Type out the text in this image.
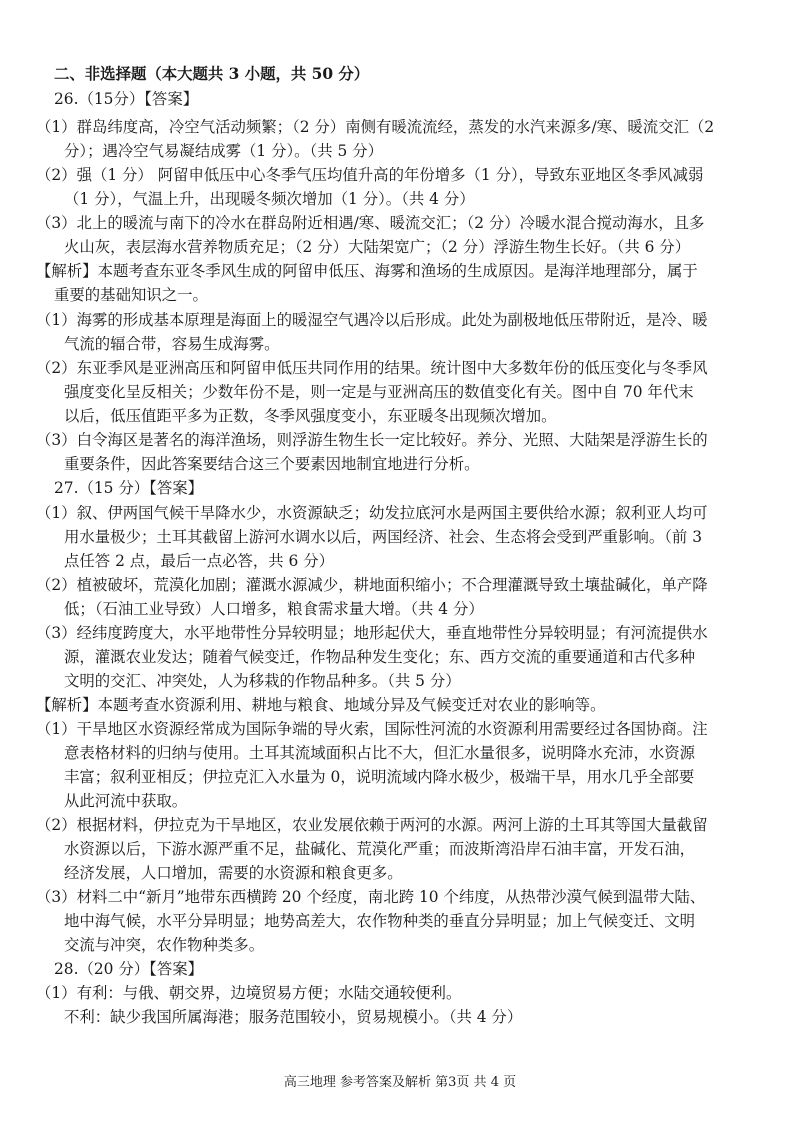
二、非选择题（本大题共 3 小题，共 50 分）
26.（15分）【答案】
（1）群岛纬度高，冷空气活动频繁；（2 分）南侧有暖流流经，蒸发的水汽来源多/寒、暖流交汇（2
分）；遇冷空气易凝结成雾（1 分）。（共 5 分）
（2）强（1 分） 阿留申低压中心冬季气压均值升高的年份增多（1 分），导致东亚地区冬季风减弱
（1 分），气温上升，出现暖冬频次增加（1 分）。（共 4 分）
（3）北上的暖流与南下的冷水在群岛附近相遇/寒、暖流交汇；（2 分）冷暖水混合搅动海水，且多
火山灰，表层海水营养物质充足；（2 分）大陆架宽广；（2 分）浮游生物生长好。（共 6 分）
【解析】本题考查东亚冬季风生成的阿留申低压、海雾和渔场的生成原因。是海洋地理部分，属于
重要的基础知识之一。
（1）海雾的形成基本原理是海面上的暖湿空气遇冷以后形成。此处为副极地低压带附近，是冷、暖
气流的辐合带，容易生成海雾。
（2）东亚季风是亚洲高压和阿留申低压共同作用的结果。统计图中大多数年份的低压变化与冬季风
强度变化呈反相关；少数年份不是，则一定是与亚洲高压的数值变化有关。图中自 70 年代末
以后，低压值距平多为正数，冬季风强度变小，东亚暖冬出现频次增加。
（3）白令海区是著名的海洋渔场，则浮游生物生长一定比较好。养分、光照、大陆架是浮游生长的
重要条件，因此答案要结合这三个要素因地制宜地进行分析。
27.（15 分）【答案】
（1）叙、伊两国气候干旱降水少，水资源缺乏；幼发拉底河水是两国主要供给水源；叙利亚人均可
用水量极少；土耳其截留上游河水调水以后，两国经济、社会、生态将会受到严重影响。（前 3
点任答 2 点，最后一点必答，共 6 分）
（2）植被破坏，荒漠化加剧；灌溉水源减少，耕地面积缩小；不合理灌溉导致土壤盐碱化，单产降
低；（石油工业导致）人口增多，粮食需求量大增。（共 4 分）
（3）经纬度跨度大，水平地带性分异较明显；地形起伏大，垂直地带性分异较明显；有河流提供水
源，灌溉农业发达；随着气候变迁，作物品种发生变化；东、西方交流的重要通道和古代多种
文明的交汇、冲突处，人为移栽的作物品种多。（共 5 分）
【解析】本题考查水资源利用、耕地与粮食、地域分异及气候变迁对农业的影响等。
（1）干旱地区水资源经常成为国际争端的导火索，国际性河流的水资源利用需要经过各国协商。注
意表格材料的归纳与使用。土耳其流域面积占比不大，但汇水量很多，说明降水充沛，水资源
丰富；叙利亚相反；伊拉克汇入水量为 0，说明流域内降水极少，极端干旱，用水几乎全部要
从此河流中获取。
（2）根据材料，伊拉克为干旱地区，农业发展依赖于两河的水源。两河上游的土耳其等国大量截留
水资源以后，下游水源严重不足，盐碱化、荒漠化严重；而波斯湾沿岸石油丰富，开发石油，
经济发展，人口增加，需要的水资源和粮食更多。
（3）材料二中“新月”地带东西横跨 20 个经度，南北跨 10 个纬度，从热带沙漠气候到温带大陆、
地中海气候，水平分异明显；地势高差大，农作物种类的垂直分异明显；加上气候变迁、文明
交流与冲突，农作物种类多。
28.（20 分）【答案】
（1）有利：与俄、朝交界，边境贸易方便；水陆交通较便利。
不利：缺少我国所属海港；服务范围较小，贸易规模小。（共 4 分）
高三地理 参考答案及解析 第3页 共 4 页
